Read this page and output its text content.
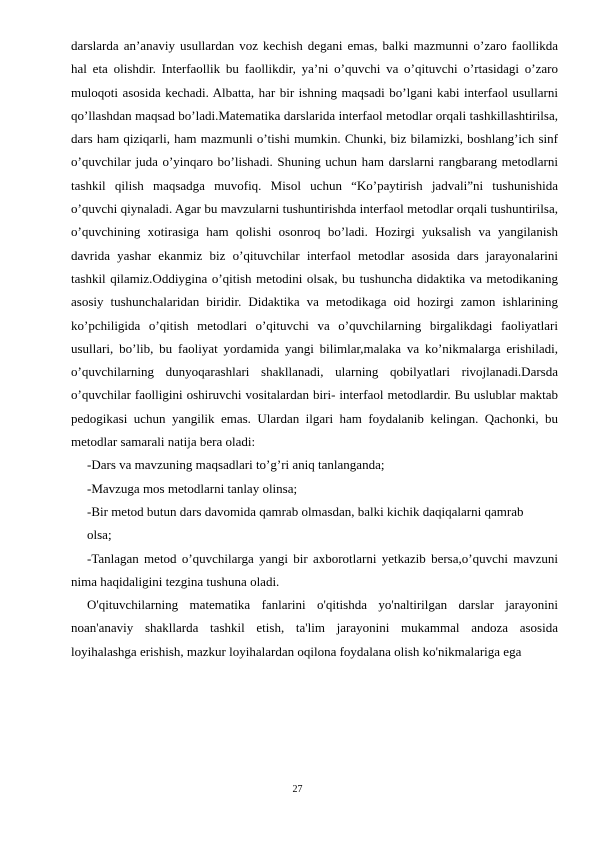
darslarda an’anaviy usullardan voz kechish degani emas, balki mazmunni o’zaro faollikda hal eta olishdir. Interfaollik bu faollikdir, ya’ni o’quvchi va o’qituvchi o’rtasidagi o’zaro muloqoti asosida kechadi. Albatta, har bir ishning maqsadi bo’lgani kabi interfaol usullarni qo’llashdan maqsad bo’ladi.Matematika darslarida interfaol metodlar orqali tashkillashtirilsa, dars ham qiziqarli, ham mazmunli o’tishi mumkin. Chunki, biz bilamizki, boshlang’ich sinf o’quvchilar juda o’yinqaro bo’lishadi. Shuning uchun ham darslarni rangbarang metodlarni tashkil qilish maqsadga muvofiq. Misol uchun “Ko’paytirish jadvali”ni tushunishida o’quvchi qiynaladi. Agar bu mavzularni tushuntirishda interfaol metodlar orqali tushuntirilsa, o’quvchining xotirasiga ham qolishi osonroq bo’ladi. Hozirgi yuksalish va yangilanish davrida yashar ekanmiz biz o’qituvchilar interfaol metodlar asosida dars jarayonalarini tashkil qilamiz.Oddiygina o’qitish metodini olsak, bu tushuncha didaktika va metodikaning asosiy tushunchalaridan biridir. Didaktika va metodikaga oid hozirgi zamon ishlarining ko’pchiligida o’qitish metodlari o’qituvchi va o’quvchilarning birgalikdagi faoliyatlari usullari, bo’lib, bu faoliyat yordamida yangi bilimlar,malaka va ko’nikmalarga erishiladi, o’quvchilarning dunyoqarashlari shakllanadi, ularning qobilyatlari rivojlanadi.Darsda o’quvchilar faolligini oshiruvchi vositalardan biri- interfaol metodlardir. Bu uslublar maktab pedogikasi uchun yangilik emas. Ulardan ilgari ham foydalanib kelingan. Qachonki, bu metodlar samarali natija bera oladi:

-Dars va mavzuning maqsadlari to’g’ri aniq tanlanganda;

-Mavzuga mos metodlarni tanlay olinsa;

-Bir metod butun dars davomida qamrab olmasdan, balki kichik daqiqalarni qamrab

olsa;

-Tanlagan metod o’quvchilarga yangi bir axborotlarni yetkazib bersa,o’quvchi mavzuni nima haqidaligini tezgina tushuna oladi.

O'qituvchilarning matematika fanlarini o'qitishda yo'naltirilgan darslar jarayonini noan'anaviy shakllarda tashkil etish, ta'lim jarayonini mukammal andoza asosida loyihalashga erishish, mazkur loyihalardan oqilona foydalana olish ko'nikmalariga ega

27
